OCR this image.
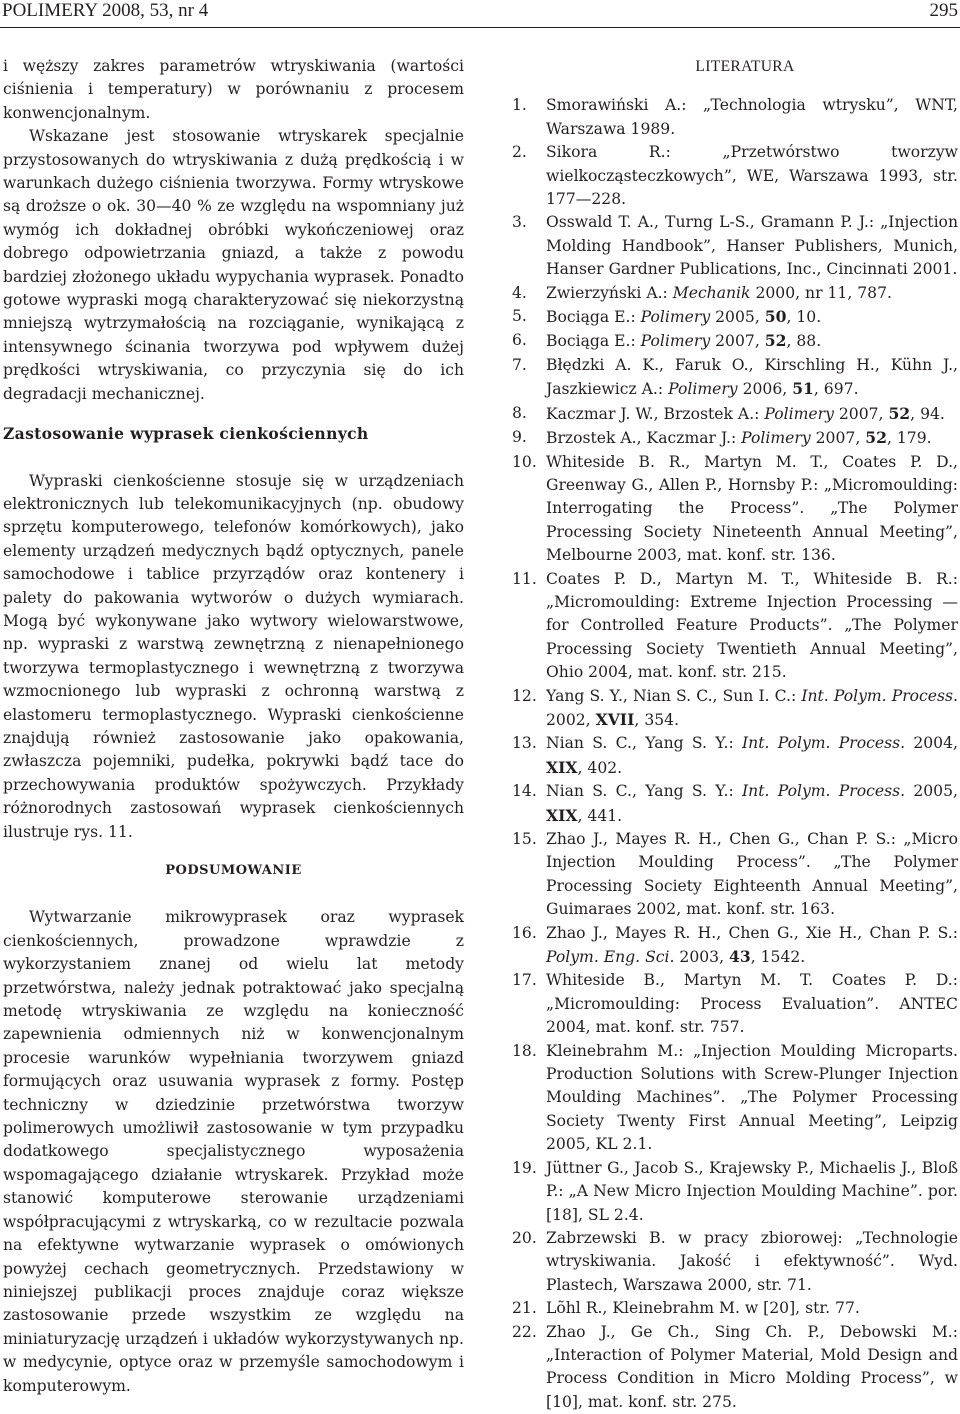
POLIMERY 2008, 53, nr 4	295

i węższy zakres parametrów wtryskiwania (wartości ciśnienia i temperatury) w porównaniu z procesem konwencjonalnym.

Wskazane jest stosowanie wtryskarek specjalnie przystosowanych do wtryskiwania z dużą prędkością i w warunkach dużego ciśnienia tworzywa. Formy wtryskowe są droższe o ok. 30—40 % ze względu na wspomniany już wymóg ich dokładnej obróbki wykończeniowej oraz dobrego odpowietrzania gniazd, a także z powodu bardziej złożonego układu wypychania wyprasek. Ponadto gotowe wypraski mogą charakteryzować się niekorzystną mniejszą wytrzymałością na rozciąganie, wynikającą z intensywnego ścinania tworzywa pod wpływem dużej prędkości wtryskiwania, co przyczynia się do ich degradacji mechanicznej.

Zastosowanie wyprasek cienkościennych

Wypraski cienkościenne stosuje się w urządzeniach elektronicznych lub telekomunikacyjnych (np. obudowy sprzętu komputerowego, telefonów komórkowych), jako elementy urządzeń medycznych bądź optycznych, panele samochodowe i tablice przyrządów oraz kontenery i palety do pakowania wytworów o dużych wymiarach. Mogą być wykonywane jako wytwory wielowarstwowe, np. wypraski z warstwą zewnętrzną z nienapełnionego tworzywa termoplastycznego i wewnętrzną z tworzywa wzmocnionego lub wypraski z ochronną warstwą z elastomeru termoplastycznego. Wypraski cienkościenne znajdują również zastosowanie jako opakowania, zwłaszcza pojemniki, pudełka, pokrywki bądź tace do przechowywania produktów spożywczych. Przykłady różnorodnych zastosowań wyprasek cienkościennych ilustruje rys. 11.

PODSUMOWANIE

Wytwarzanie mikrowyprasek oraz wyprasek cienkościennych, prowadzone wprawdzie z wykorzystaniem znanej od wielu lat metody przetwórstwa, należy jednak potraktować jako specjalną metodę wtryskiwania ze względu na konieczność zapewnienia odmiennych niż w konwencjonalnym procesie warunków wypełniania tworzywem gniazd formujących oraz usuwania wyprasek z formy. Postęp techniczny w dziedzinie przetwórstwa tworzyw polimerowych umożliwił zastosowanie w tym przypadku dodatkowego specjalistycznego wyposażenia wspomagającego działanie wtryskarek. Przykład może stanowić komputerowe sterowanie urządzeniami współpracującymi z wtryskarką, co w rezultacie pozwala na efektywne wytwarzanie wyprasek o omówionych powyżej cechach geometrycznych. Przedstawiony w niniejszej publikacji proces znajduje coraz większe zastosowanie przede wszystkim ze względu na miniaturyzację urządzeń i układów wykorzystywanych np. w medycynie, optyce oraz w przemyśle samochodowym i komputerowym.

LITERATURA
1. Smorawiński A.: „Technologia wtrysku”, WNT, Warszawa 1989.
2. Sikora R.: „Przetwórstwo tworzyw wielkocząsteczkowych”, WE, Warszawa 1993, str. 177—228.
3. Osswald T. A., Turng L-S., Gramann P. J.: „Injection Molding Handbook”, Hanser Publishers, Munich, Hanser Gardner Publications, Inc., Cincinnati 2001.
4. Zwierzyński A.: Mechanik 2000, nr 11, 787.
5. Bociąga E.: Polimery 2005, 50, 10.
6. Bociąga E.: Polimery 2007, 52, 88.
7. Błędzki A. K., Faruk O., Kirschling H., Kühn J., Jaszkiewicz A.: Polimery 2006, 51, 697.
8. Kaczmar J. W., Brzostek A.: Polimery 2007, 52, 94.
9. Brzostek A., Kaczmar J.: Polimery 2007, 52, 179.
10. Whiteside B. R., Martyn M. T., Coates P. D., Greenway G., Allen P., Hornsby P.: „Micromoulding: Interrogating the Process”. „The Polymer Processing Society Nineteenth Annual Meeting”, Melbourne 2003, mat. konf. str. 136.
11. Coates P. D., Martyn M. T., Whiteside B. R.: „Micromoulding: Extreme Injection Processing — for Controlled Feature Products”. „The Polymer Processing Society Twentieth Annual Meeting”, Ohio 2004, mat. konf. str. 215.
12. Yang S. Y., Nian S. C., Sun I. C.: Int. Polym. Process. 2002, XVII, 354.
13. Nian S. C., Yang S. Y.: Int. Polym. Process. 2004, XIX, 402.
14. Nian S. C., Yang S. Y.: Int. Polym. Process. 2005, XIX, 441.
15. Zhao J., Mayes R. H., Chen G., Chan P. S.: „Micro Injection Moulding Process”. „The Polymer Processing Society Eighteenth Annual Meeting”, Guimaraes 2002, mat. konf. str. 163.
16. Zhao J., Mayes R. H., Chen G., Xie H., Chan P. S.: Polym. Eng. Sci. 2003, 43, 1542.
17. Whiteside B., Martyn M. T. Coates P. D.: „Micromoulding: Process Evaluation”. ANTEC 2004, mat. konf. str. 757.
18. Kleinebrahm M.: „Injection Moulding Microparts. Production Solutions with Screw-Plunger Injection Moulding Machines”. „The Polymer Processing Society Twenty First Annual Meeting”, Leipzig 2005, KL 2.1.
19. Jüttner G., Jacob S., Krajewsky P., Michaelis J., Bloß P.: „A New Micro Injection Moulding Machine”. por. [18], SL 2.4.
20. Zabrzewski B. w pracy zbiorowej: „Technologie wtryskiwania. Jakość i efektywność”. Wyd. Plastech, Warszawa 2000, str. 71.
21. Lõhl R., Kleinebrahm M. w [20], str. 77.
22. Zhao J., Ge Ch., Sing Ch. P., Debowski M.: „Interaction of Polymer Material, Mold Design and Process Condition in Micro Molding Process”, w [10], mat. konf. str. 275.
